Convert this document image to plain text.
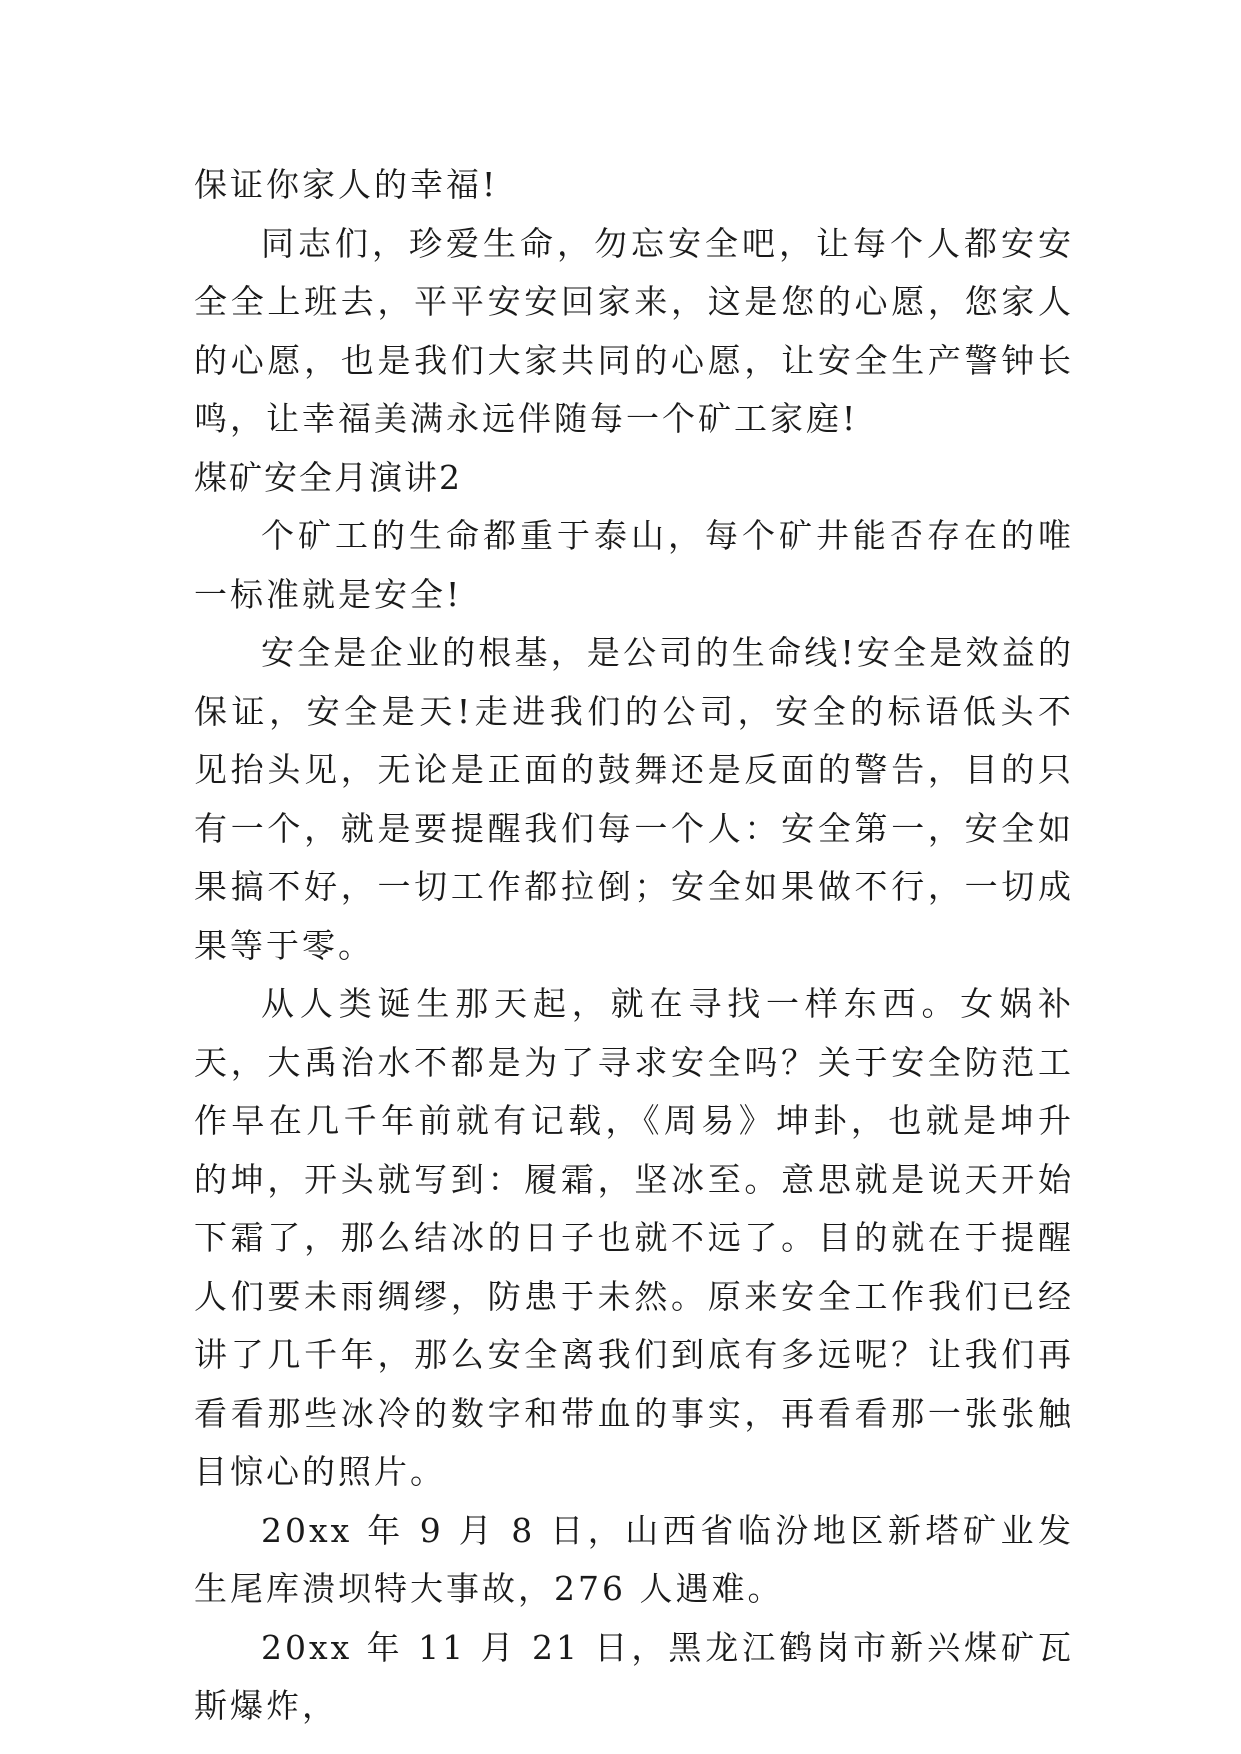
保证你家人的幸福!

同志们，珍爱生命，勿忘安全吧，让每个人都安安全全上班去，平平安安回家来，这是您的心愿，您家人的心愿，也是我们大家共同的心愿，让安全生产警钟长鸣，让幸福美满永远伴随每一个矿工家庭!

煤矿安全月演讲2

个矿工的生命都重于泰山，每个矿井能否存在的唯一标准就是安全!

安全是企业的根基，是公司的生命线!安全是效益的保证，安全是天!走进我们的公司，安全的标语低头不见抬头见，无论是正面的鼓舞还是反面的警告，目的只有一个，就是要提醒我们每一个人：安全第一，安全如果搞不好，一切工作都拉倒；安全如果做不行，一切成果等于零。

从人类诞生那天起，就在寻找一样东西。女娲补天，大禹治水不都是为了寻求安全吗？关于安全防范工作早在几千年前就有记载，《周易》坤卦，也就是坤升的坤，开头就写到：履霜，坚冰至。意思就是说天开始下霜了，那么结冰的日子也就不远了。目的就在于提醒人们要未雨绸缪，防患于未然。原来安全工作我们已经讲了几千年，那么安全离我们到底有多远呢？让我们再看看那些冰冷的数字和带血的事实，再看看那一张张触目惊心的照片。

20xx 年 9 月 8 日，山西省临汾地区新塔矿业发生尾库溃坝特大事故，276 人遇难。

20xx 年 11 月 21 日，黑龙江鹤岗市新兴煤矿瓦斯爆炸，
